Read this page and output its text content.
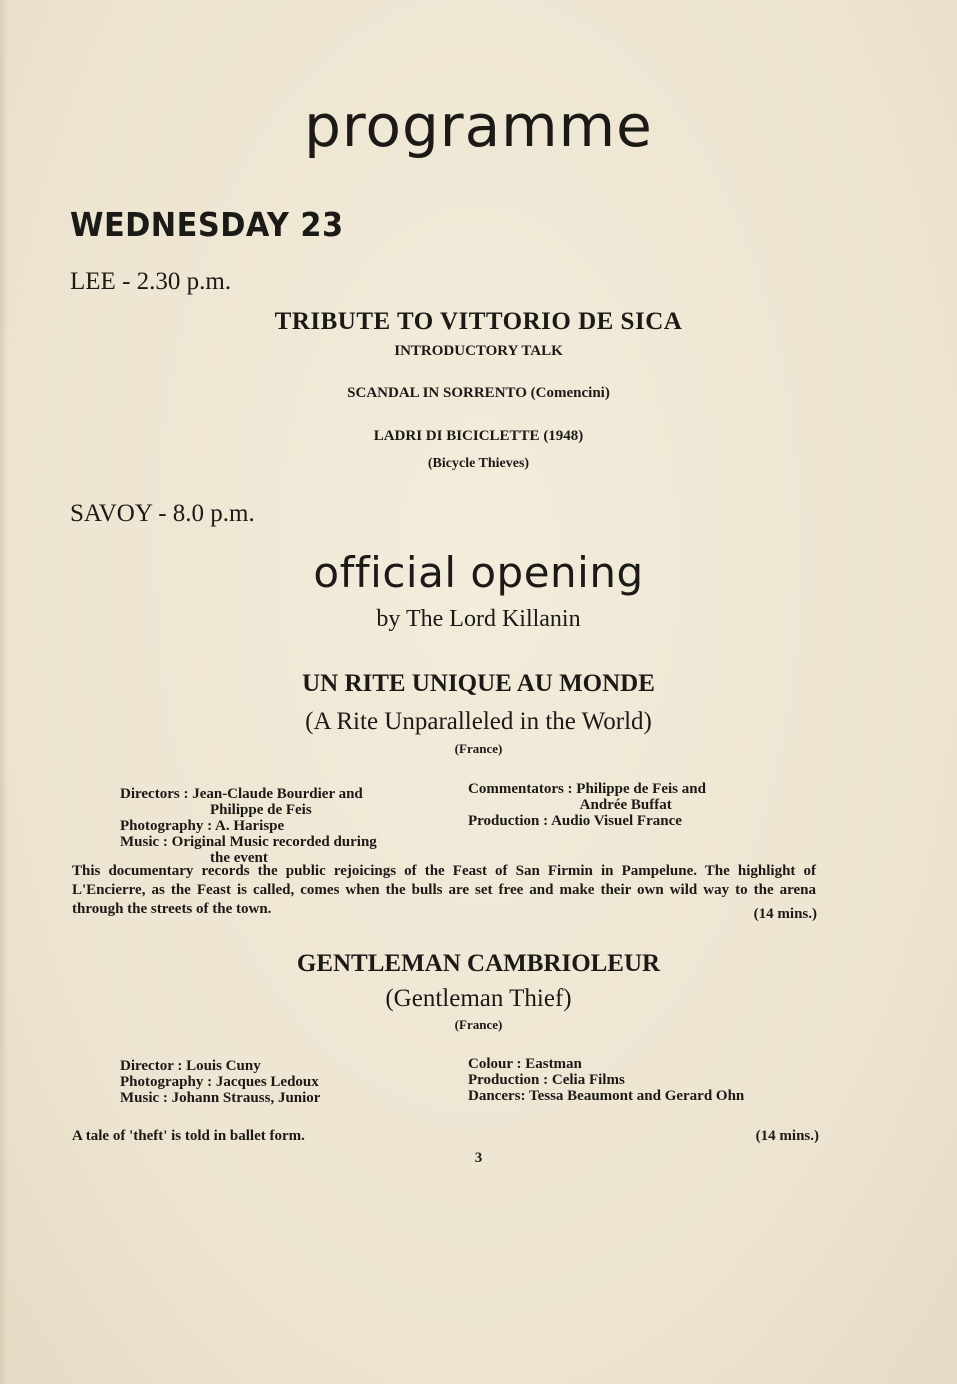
programme
WEDNESDAY 23
LEE - 2.30 p.m.
TRIBUTE TO VITTORIO DE SICA
INTRODUCTORY TALK
SCANDAL IN SORRENTO (Comencini)
LADRI DI BICICLETTE (1948)
(Bicycle Thieves)
SAVOY - 8.0 p.m.
official opening
by The Lord Killanin
UN RITE UNIQUE AU MONDE
(A Rite Unparalleled in the World)
(France)
Directors : Jean-Claude Bourdier and
Philippe de Feis
Photography : A. Harispe
Music : Original Music recorded during
the event
Commentators : Philippe de Feis and
Andrée Buffat
Production : Audio Visuel France
This documentary records the public rejoicings of the Feast of San Firmin in Pampelune. The highlight of L'Encierre, as the Feast is called, comes when the bulls are set free and make their own wild way to the arena through the streets of the town.	(14 mins.)
GENTLEMAN CAMBRIOLEUR
(Gentleman Thief)
(France)
Director : Louis Cuny
Photography : Jacques Ledoux
Music : Johann Strauss, Junior
Colour : Eastman
Production : Celia Films
Dancers: Tessa Beaumont and Gerard Ohn
A tale of 'theft' is told in ballet form.	(14 mins.)
3
